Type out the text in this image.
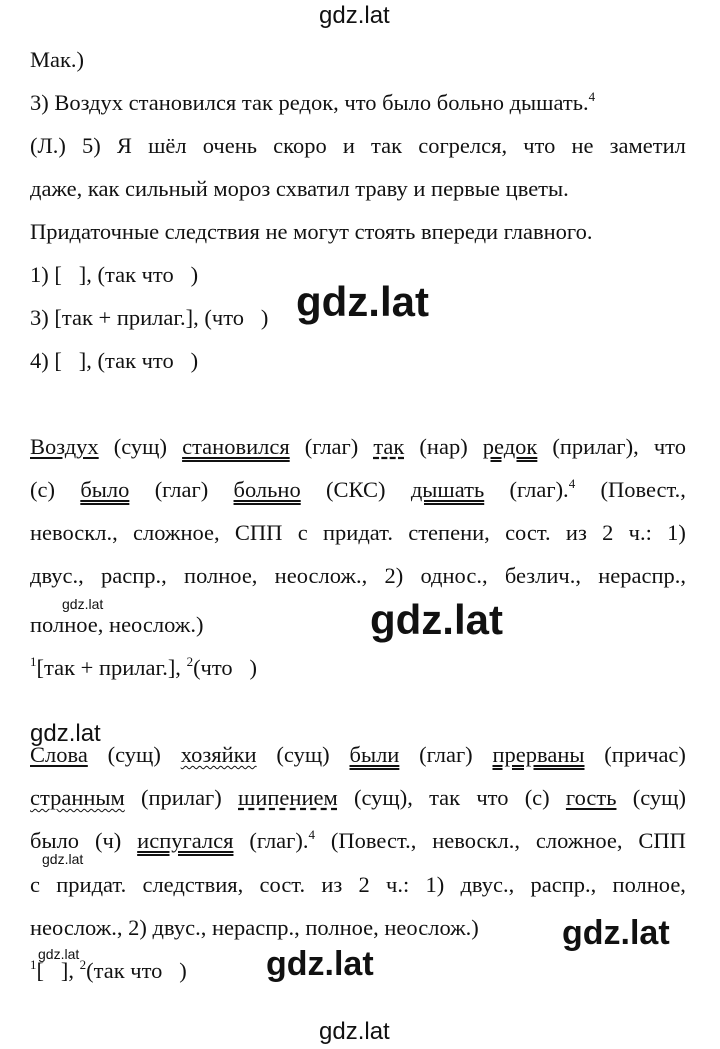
gdz.lat
gdz.lat
gdz.lat	gdz.lat
gdz.lat
gdz.lat
gdz.lat
gdz.lat	gdz.lat
gdz.lat
Мак.)
3) Воздух становился так редок, что было больно дышать.$^4$
(Л.) 5) Я шёл очень скоро и так согрелся, что не заметил
даже, как сильный мороз схватил траву и первые цветы.
Придаточные следствия не могут стоять впереди главного.
1) [   ], (так что   )
3) [так + прилаг.], (что   )
4) [   ], (так что   )
Воздух (сущ) становился (глаг) так (нар) редок (прилаг), что
(с) было (глаг) больно (СКС) дышать (глаг).$^4$ (Повест.,
невоскл., сложное, СПП с придат. степени, сост. из 2 ч.: 1)
двус., распр., полное, неослож., 2) однос., безлич., нераспр.,
полное, неослож.)
$^1$[так + прилаг.], $^2$(что   )
Слова (сущ) хозяйки (сущ) были (глаг) прерваны (причас)
странным (прилаг) шипением (сущ), так что (с) гость (сущ)
было (ч) испугался (глаг).$^4$ (Повест., невоскл., сложное, СПП
с придат. следствия, сост. из 2 ч.: 1) двус., распр., полное,
неослож., 2) двус., нераспр., полное, неослож.)
$^1$[   ], $^2$(так что   )
